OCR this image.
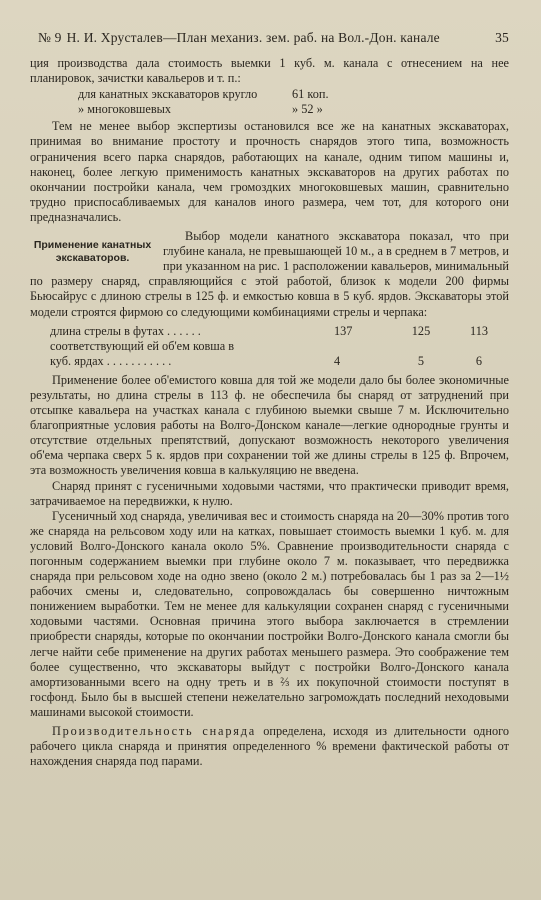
№ 9 Н. И. Хрусталев—План механиз. зем. раб. на Вол.-Дон. канале	35

ция производства дала стоимость выемки 1 куб. м. канала с отнесением на нее планировок, зачистки кавальеров и т. п.:

для канатных экскаваторов кругло	61 коп.
» многоковшевых	» 52 »

Тем не менее выбор экспертизы остановился все же на канатных экскаваторах, принимая во внимание простоту и прочность снарядов этого типа, возможность ограничения всего парка снарядов, работающих на канале, одним типом машины и, наконец, более легкую применимость канатных экскаваторов на других работах по окончании постройки канала, чем громоздких многоковшевых машин, сравнительно трудно приспосабливаемых для каналов иного размера, чем тот, для которого они предназначались.

Применение канатных экскаваторов.

Выбор модели канатного экскаватора показал, что при глубине канала, не превышающей 10 м., а в среднем в 7 метров, и при указанном на рис. 1 расположении кавальеров, минимальный по размеру снаряд, справляющийся с этой работой, близок к модели 200 фирмы Бьюсайрус с длиною стрелы в 125 ф. и емкостью ковша в 5 куб. ярдов. Экскаваторы этой модели строятся фирмою со следующими комбинациями стрелы и черпака:

длина стрелы в футах . . . . . .	137	125	113
соответствующий ей об'ем ковша в
куб. ярдах . . . . . . . . . . .	4	5	6

Применение более об'емистого ковша для той же модели дало бы более экономичные результаты, но длина стрелы в 113 ф. не обеспечила бы снаряд от затруднений при отсыпке кавальера на участках канала с глубиною выемки свыше 7 м. Исключительно благоприятные условия работы на Волго-Донском канале—легкие однородные грунты и отсутствие отдельных препятствий, допускают возможность некоторого увеличения об'ема черпака сверх 5 к. ярдов при сохранении той же длины стрелы в 125 ф. Впрочем, эта возможность увеличения ковша в калькуляцию не введена.

Снаряд принят с гусеничными ходовыми частями, что практически приводит время, затрачиваемое на передвижки, к нулю.

Гусеничный ход снаряда, увеличивая вес и стоимость снаряда на 20—30% против того же снаряда на рельсовом ходу или на катках, повышает стоимость выемки 1 куб. м. для условий Волго-Донского канала около 5%. Сравнение производительности снаряда с погонным содержанием выемки при глубине около 7 м. показывает, что передвижка снаряда при рельсовом ходе на одно звено (около 2 м.) потребовалась бы 1 раз за 2—1½ рабочих смены и, следовательно, сопровождалась бы совершенно ничтожным понижением выработки. Тем не менее для калькуляции сохранен снаряд с гусеничными ходовыми частями. Основная причина этого выбора заключается в стремлении приобрести снаряды, которые по окончании постройки Волго-Донского канала смогли бы легче найти себе применение на других работах меньшего размера. Это соображение тем более существенно, что экскаваторы выйдут с постройки Волго-Донского канала амортизованными всего на одну треть и в ⅔ их покупочной стоимости поступят в госфонд. Было бы в высшей степени нежелательно загромождать последний неходовыми машинами высокой стоимости.

Производительность снаряда определена, исходя из длительности одного рабочего цикла снаряда и принятия определенного % времени фактической работы от нахождения снаряда под парами.
